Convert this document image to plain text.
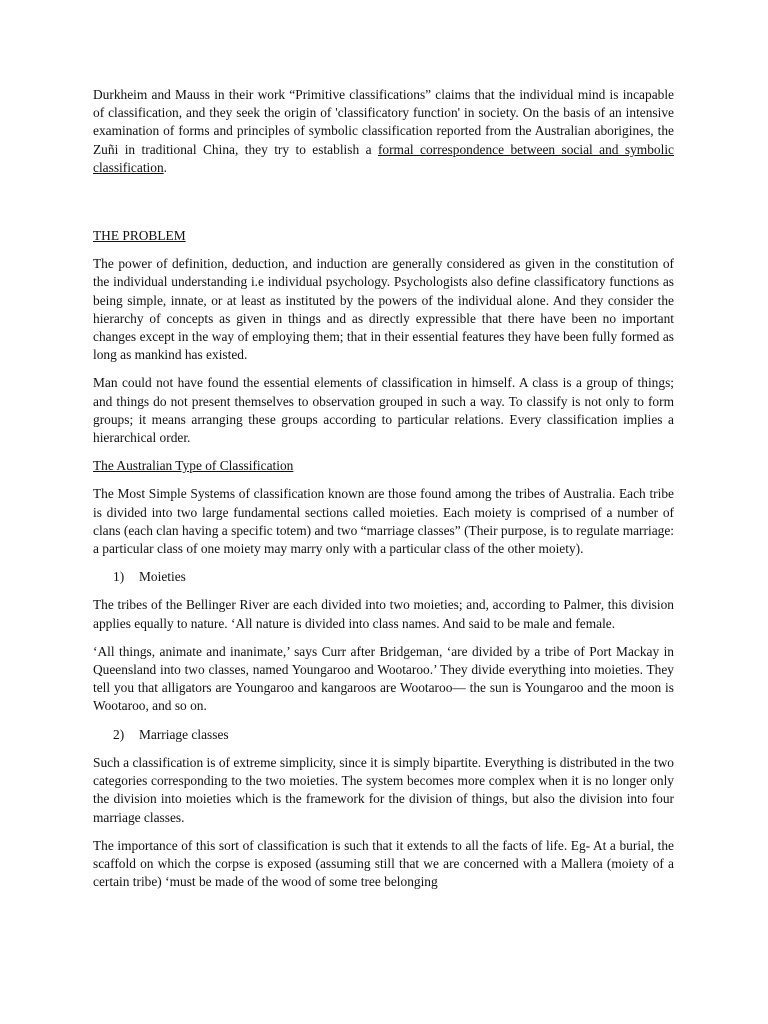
Durkheim and Mauss in their work “Primitive classifications” claims that the individual mind is incapable of classification, and they seek the origin of 'classificatory function' in society. On the basis of an intensive examination of forms and principles of symbolic classification reported from the Australian aborigines, the Zuñi in traditional China, they try to establish a formal correspondence between social and symbolic classification.

THE PROBLEM

The power of definition, deduction, and induction are generally considered as given in the constitution of the individual understanding i.e individual psychology. Psychologists also define classificatory functions as being simple, innate, or at least as instituted by the powers of the individual alone. And they consider the hierarchy of concepts as given in things and as directly expressible that there have been no important changes except in the way of employing them; that in their essential features they have been fully formed as long as mankind has existed.

Man could not have found the essential elements of classification in himself. A class is a group of things; and things do not present themselves to observation grouped in such a way. To classify is not only to form groups; it means arranging these groups according to particular relations. Every classification implies a hierarchical order.

The Australian Type of Classification

The Most Simple Systems of classification known are those found among the tribes of Australia. Each tribe is divided into two large fundamental sections called moieties. Each moiety is comprised of a number of clans (each clan having a specific totem) and two “marriage classes” (Their purpose, is to regulate marriage: a particular class of one moiety may marry only with a particular class of the other moiety).

1) Moieties

The tribes of the Bellinger River are each divided into two moieties; and, according to Palmer, this division applies equally to nature. ‘All nature is divided into class names. And said to be male and female.

‘All things, animate and inanimate,’ says Curr after Bridgeman, ‘are divided by a tribe of Port Mackay in Queensland into two classes, named Youngaroo and Wootaroo.’ They divide everything into moieties. They tell you that alligators are Youngaroo and kangaroos are Wootaroo— the sun is Youngaroo and the moon is Wootaroo, and so on.

2) Marriage classes

Such a classification is of extreme simplicity, since it is simply bipartite. Everything is distributed in the two categories corresponding to the two moieties. The system becomes more complex when it is no longer only the division into moieties which is the framework for the division of things, but also the division into four marriage classes.

The importance of this sort of classification is such that it extends to all the facts of life. Eg- At a burial, the scaffold on which the corpse is exposed (assuming still that we are concerned with a Mallera (moiety of a certain tribe) ‘must be made of the wood of some tree belonging
